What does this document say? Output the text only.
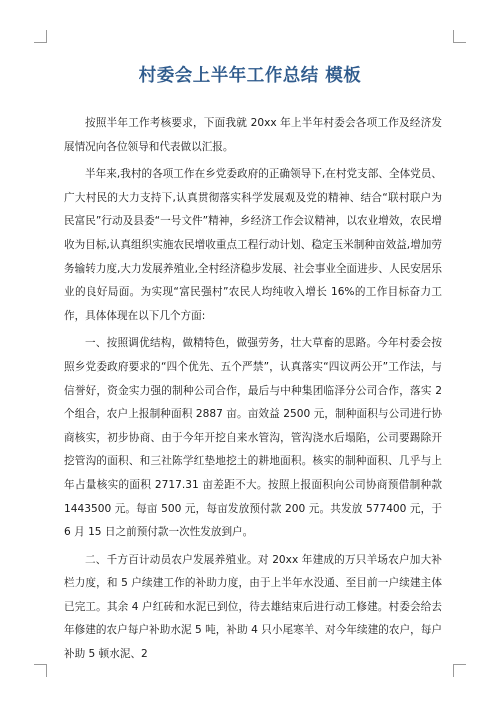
村委会上半年工作总结 模板

按照半年工作考核要求，下面我就 20xx 年上半年村委会各项工作及经济发展情况向各位领导和代表做以汇报。

半年来,我村的各项工作在乡党委政府的正确领导下,在村党支部、全体党员、广大村民的大力支持下,认真贯彻落实科学发展观及党的精神、结合“联村联户为民富民”行动及县委“一号文件”精神，乡经济工作会议精神，以农业增效，农民增收为目标,认真组织实施农民增收重点工程行动计划、稳定玉米制种亩效益,增加劳务输转力度,大力发展养殖业,全村经济稳步发展、社会事业全面进步、人民安居乐业的良好局面。为实现“富民强村”农民人均纯收入增长 16%的工作目标奋力工作，具体体现在以下几个方面:

一、按照调优结构，做精特色，做强劳务，壮大草畜的思路。今年村委会按照乡党委政府要求的“四个优先、五个严禁”，认真落实“四议两公开”工作法，与信誉好，资金实力强的制种公司合作，最后与中种集团临泽分公司合作，落实 2 个组合，农户上报制种面积 2887 亩。亩效益 2500 元，制种面积与公司进行协商核实，初步协商、由于今年开挖自来水管沟，管沟浇水后塌陷，公司要踢除开挖管沟的面积、和三社陈学红垫地挖土的耕地面积。核实的制种面积、几乎与上年占量核实的面积 2717.31 亩差距不大。按照上报面积向公司协商预借制种款 1443500 元。每亩 500 元，每亩发放预付款 200 元。共发放 577400 元，于 6 月 15 日之前预付款一次性发放到户。

二、千方百计动员农户发展养殖业。对 20xx 年建成的万只羊场农户加大补栏力度，和 5 户续建工作的补助力度，由于上半年水没通、至目前一户续建主体已完工。其余 4 户红砖和水泥已到位，待去雄结束后进行动工修建。村委会给去年修建的农户每户补助水泥 5 吨，补助 4 只小尾寒羊、对今年续建的农户，每户补助 5 顿水泥、2
